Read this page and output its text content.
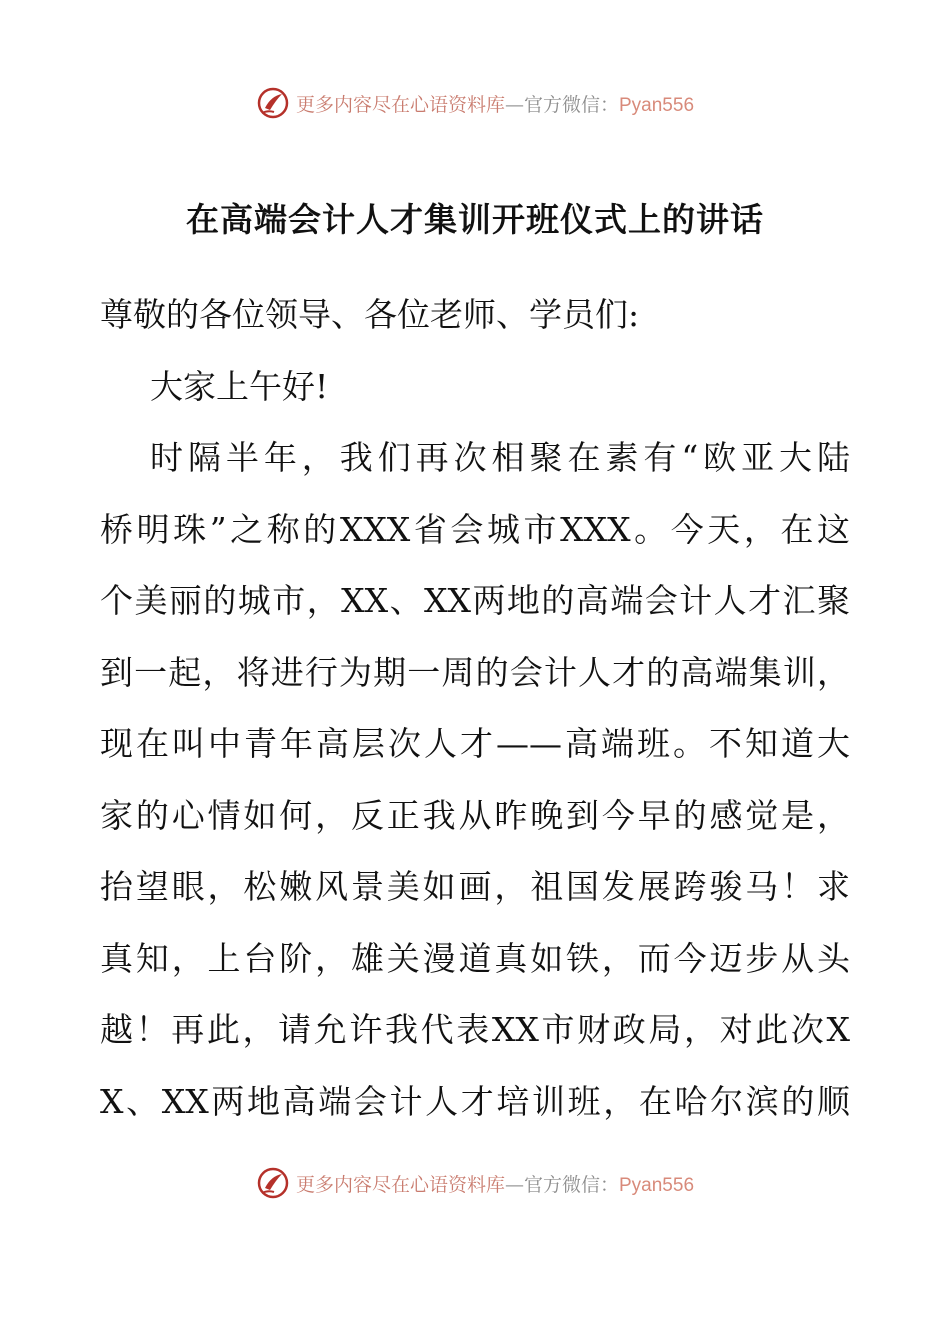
更多内容尽在心语资料库—官方微信：Pyan556
在高端会计人才集训开班仪式上的讲话
尊敬的各位领导、各位老师、学员们:
大家上午好!
时隔半年，我们再次相聚在素有“欧亚大陆
桥明珠”之称的XXX省会城市XXX。今天，在这
个美丽的城市，XX、XX两地的高端会计人才汇聚
到一起，将进行为期一周的会计人才的高端集训，
现在叫中青年高层次人才——高端班。不知道大
家的心情如何，反正我从昨晚到今早的感觉是，
抬望眼，松嫩风景美如画，祖国发展跨骏马！求
真知，上台阶，雄关漫道真如铁，而今迈步从头
越！再此，请允许我代表XX市财政局，对此次X
X、XX两地高端会计人才培训班，在哈尔滨的顺
更多内容尽在心语资料库—官方微信：Pyan556
